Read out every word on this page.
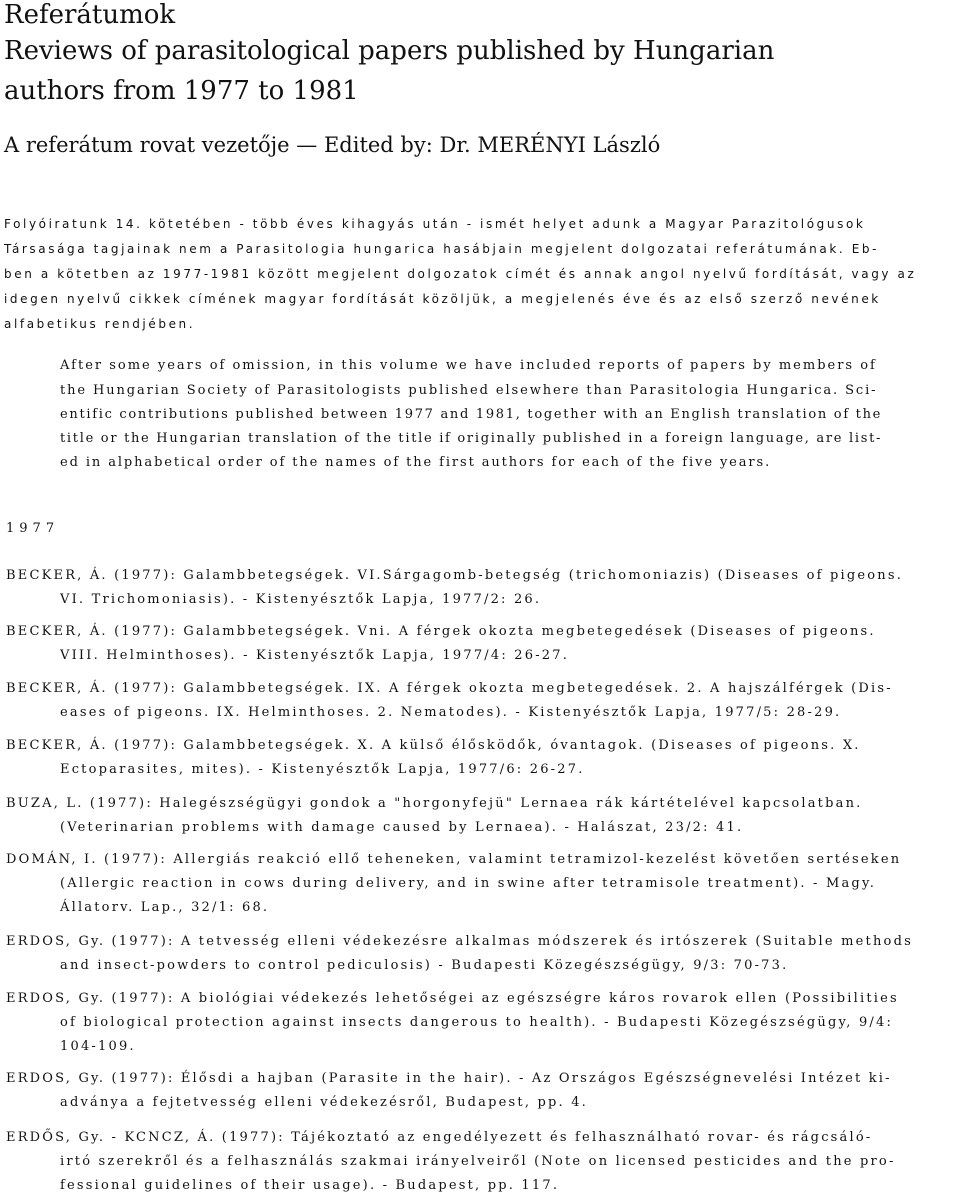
Referátumok
Reviews of parasitological papers published by Hungarian
authors from 1977 to 1981
A referátum rovat vezetője — Edited by: Dr. MERÉNYI László
Folyóiratunk 14. kötetében - több éves kihagyás után - ismét helyet adunk a Magyar Parazitológusok
Társasága tagjainak nem a Parasitologia hungarica hasábjain megjelent dolgozatai referátumának. Eb-
ben a kötetben az 1977-1981 között megjelent dolgozatok címét és annak angol nyelvű fordítását, vagy az
idegen nyelvű cikkek címének magyar fordítását közöljük, a megjelenés éve és az első szerző nevének
alfabetikus rendjében.
After some years of omission, in this volume we have included reports of papers by members of
the Hungarian Society of Parasitologists published elsewhere than Parasitologia Hungarica. Sci-
entific contributions published between 1977 and 1981, together with an English translation of the
title or the Hungarian translation of the title if originally published in a foreign language, are list-
ed in alphabetical order of the names of the first authors for each of the five years.
1977
BECKER, Á. (1977): Galambbetegségek. VI.Sárgagomb-betegség (trichomoniazis) (Diseases of pigeons.
VI. Trichomoniasis). - Kistenyésztők Lapja, 1977/2: 26.
BECKER, Á. (1977): Galambbetegségek. Vni. A férgek okozta megbetegedések (Diseases of pigeons.
VIII. Helminthoses). - Kistenyésztők Lapja, 1977/4: 26-27.
BECKER, Á. (1977): Galambbetegségek. IX. A férgek okozta megbetegedések. 2. A hajszálférgek (Dis-
eases of pigeons. IX. Helminthoses. 2. Nematodes). - Kistenyésztők Lapja, 1977/5: 28-29.
BECKER, Á. (1977): Galambbetegségek. X. A külső élősködők, óvantagok. (Diseases of pigeons. X.
Ectoparasites, mites). - Kistenyésztők Lapja, 1977/6: 26-27.
BUZA, L. (1977): Halegészségügyi gondok a "horgonyfejü" Lernaea rák kártételével kapcsolatban.
(Veterinarian problems with damage caused by Lernaea). - Halászat, 23/2: 41.
DOMÁN, I. (1977): Allergiás reakció ellő teheneken, valamint tetramizol-kezelést követően sertéseken
(Allergic reaction in cows during delivery, and in swine after tetramisole treatment). - Magy.
Állatorv. Lap., 32/1: 68.
ERDOS, Gy. (1977): A tetvesség elleni védekezésre alkalmas módszerek és irtószerek (Suitable methods
and insect-powders to control pediculosis) - Budapesti Közegészségügy, 9/3: 70-73.
ERDOS, Gy. (1977): A biológiai védekezés lehetőségei az egészségre káros rovarok ellen (Possibilities
of biological protection against insects dangerous to health). - Budapesti Közegészségügy, 9/4:
104-109.
ERDOS, Gy. (1977): Élősdi a hajban (Parasite in the hair). - Az Országos Egészségnevelési Intézet ki-
adványa a fejtetvesség elleni védekezésről, Budapest, pp. 4.
ERDŐS, Gy. - KCNCZ, Á. (1977): Tájékoztató az engedélyezett és felhasználható rovar- és rágcsáló-
irtó szerekről és a felhasználás szakmai irányelveiről (Note on licensed pesticides and the pro-
fessional guidelines of their usage). - Budapest, pp. 117.
